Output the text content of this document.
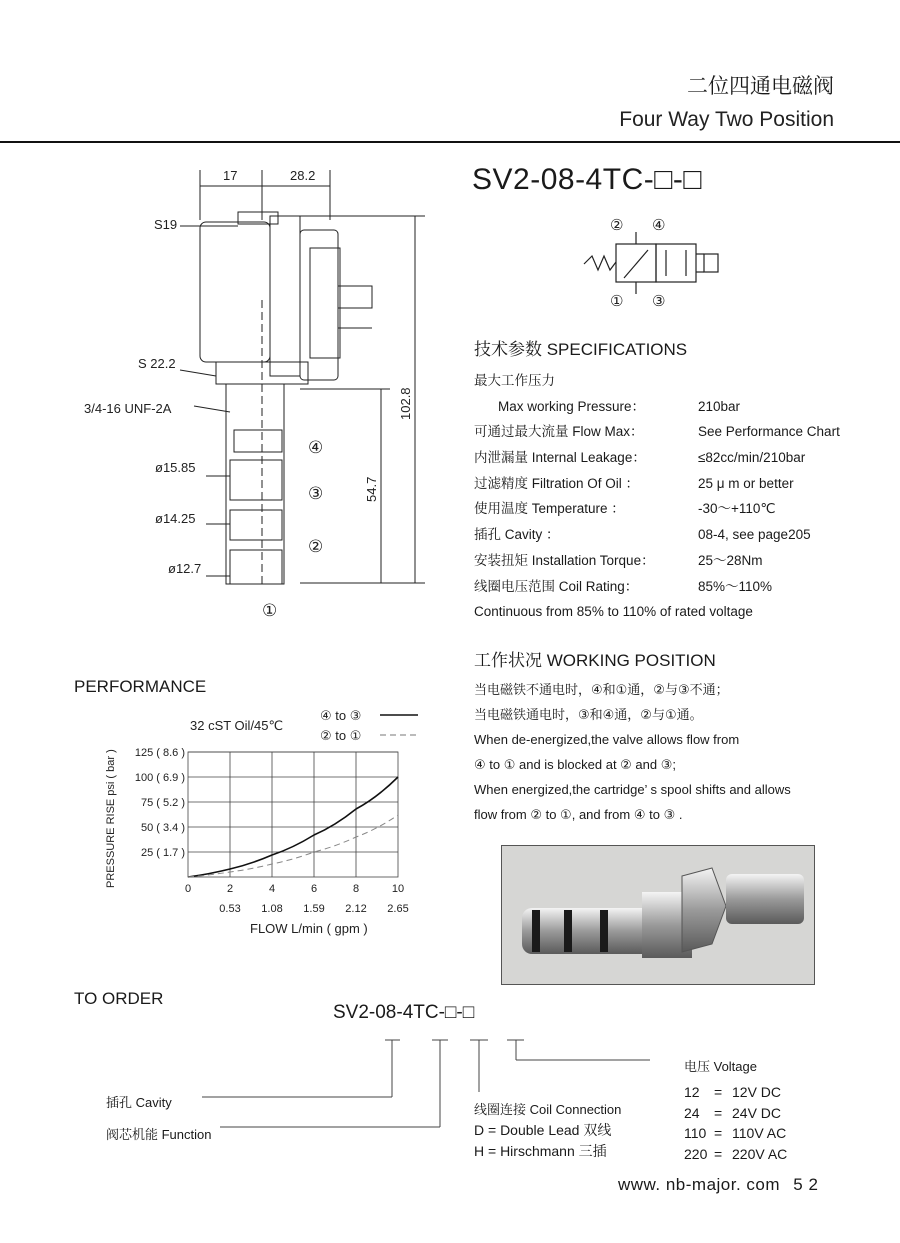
二位四通电磁阀
Four Way Two Position
SV2-08-4TC-□-□
17	28.2
S19
S 22.2
3/4-16 UNF-2A
ø15.85
ø14.25
ø12.7
102.8
54.7
④
③
②
①
② ④
① ③
技术参数 SPECIFICATIONS
最大工作压力
Max working Pressure：	210bar
可通过最大流量 Flow Max：	See Performance Chart
内泄漏量 Internal Leakage：	≤82cc/min/210bar
过滤精度 Filtration Of Oil ：	25 μ m or better
使用温度 Temperature ：	-30～+110℃
插孔 Cavity ：	08-4, see page205
安装扭矩 Installation Torque：	25～28Nm
线圈电压范围 Coil Rating：	85%～110%
Continuous from 85% to 110% of rated voltage
工作状况 WORKING POSITION
当电磁铁不通电时，④和①通，②与③不通；
当电磁铁通电时，③和④通，②与①通。
When de-energized,the valve allows flow from
④ to ① and is blocked at ② and ③;
When energized,the cartridge’ s spool shifts and allows
flow from ② to ①, and from ④ to ③ .
PERFORMANCE
32 cST Oil/45℃
④ to ③
② to ①
0	2	4	6	8	10
0.53 1.08 1.59 2.12 2.65
25 ( 1.7 )
50 ( 3.4 )
75 ( 5.2 )
100 ( 6.9 )
125 ( 8.6 )
FLOW L/min ( gpm )
PRESSURE RISE psi ( bar )
TO ORDER
SV2-08-4TC-□-□
插孔 Cavity
阀芯机能 Function
线圈连接 Coil Connection
D = Double Lead 双线
H = Hirschmann 三插
电压 Voltage
12 = 12V DC
24 = 24V DC
110 = 110V AC
220 = 220V AC
www. nb-major. com 5 2
